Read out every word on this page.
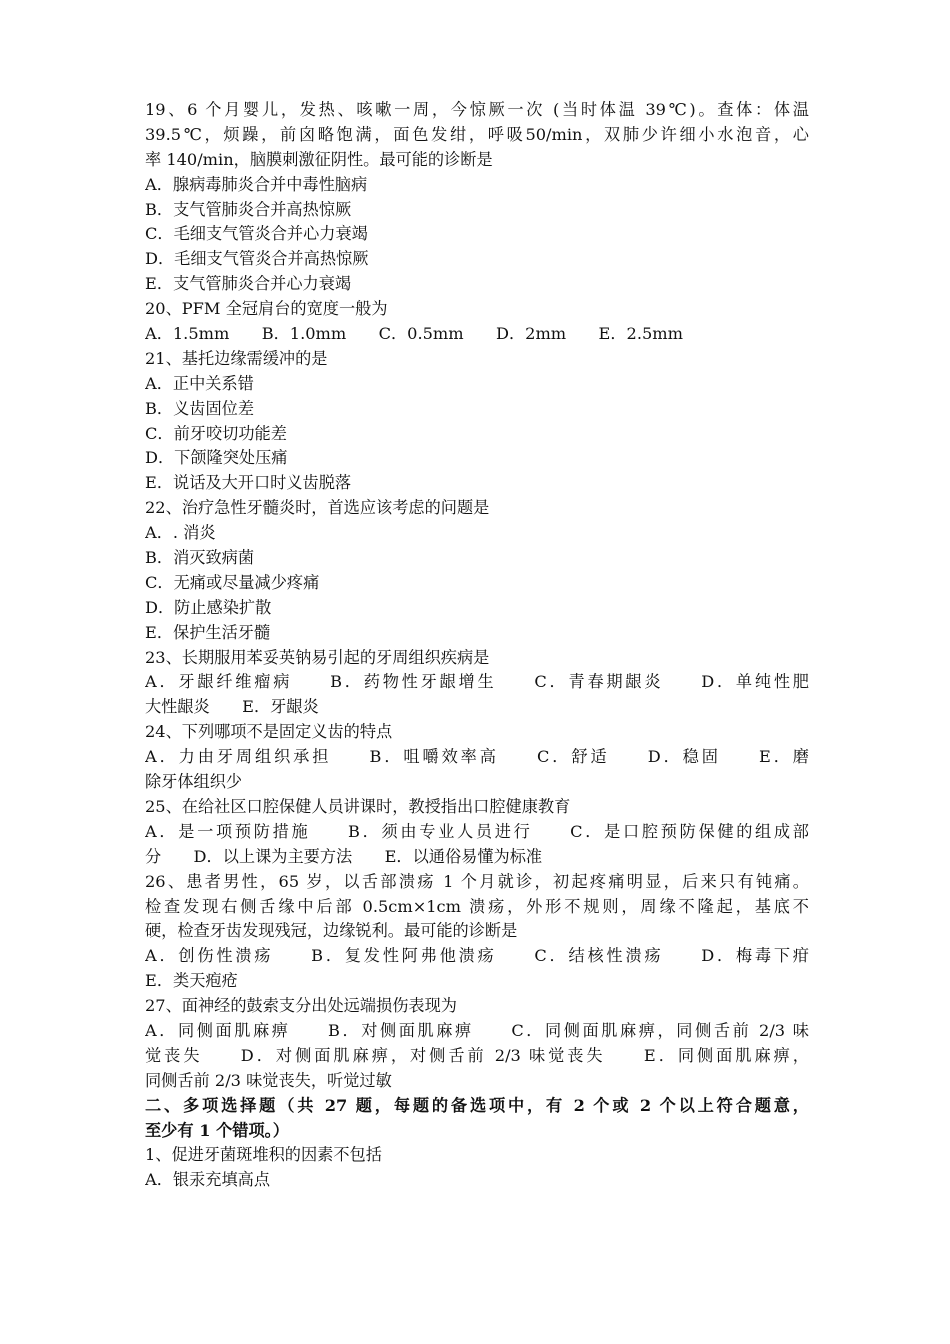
19、6 个月婴儿，发热、咳嗽一周，今惊厥一次 (当时体温 39℃)。查体：体温
39.5℃，烦躁，前囟略饱满，面色发绀，呼吸50/min，双肺少许细小水泡音，心
率 140/min，脑膜刺激征阴性。最可能的诊断是
A．腺病毒肺炎合并中毒性脑病
B．支气管肺炎合并高热惊厥
C．毛细支气管炎合并心力衰竭
D．毛细支气管炎合并高热惊厥
E．支气管肺炎合并心力衰竭
20、PFM 全冠肩台的宽度一般为
A．1.5mm　　B．1.0mm　　C．0.5mm　　D．2mm　　E．2.5mm
21、基托边缘需缓冲的是
A．正中关系错
B．义齿固位差
C．前牙咬切功能差
D．下颌隆突处压痛
E．说话及大开口时义齿脱落
22、治疗急性牙髓炎时，首选应该考虑的问题是
A．. 消炎
B．消灭致病菌
C．无痛或尽量减少疼痛
D．防止感染扩散
E．保护生活牙髓
23、长期服用苯妥英钠易引起的牙周组织疾病是
A．牙龈纤维瘤病　　B．药物性牙龈增生　　C．青春期龈炎　　D．单纯性肥
大性龈炎　　E．牙龈炎
24、下列哪项不是固定义齿的特点
A．力由牙周组织承担　　B．咀嚼效率高　　C．舒适　　D．稳固　　E．磨
除牙体组织少
25、在给社区口腔保健人员讲课时，教授指出口腔健康教育
A．是一项预防措施　　B．须由专业人员进行　　C．是口腔预防保健的组成部
分　　D．以上课为主要方法　　E．以通俗易懂为标准
26、患者男性，65 岁，以舌部溃疡 1 个月就诊，初起疼痛明显，后来只有钝痛。
检查发现右侧舌缘中后部 0.5cm×1cm 溃疡，外形不规则，周缘不隆起，基底不
硬，检查牙齿发现残冠，边缘锐利。最可能的诊断是
A．创伤性溃疡　　B．复发性阿弗他溃疡　　C．结核性溃疡　　D．梅毒下疳
E．类天疱疮
27、面神经的鼓索支分出处远端损伤表现为
A．同侧面肌麻痹　　B．对侧面肌麻痹　　C．同侧面肌麻痹，同侧舌前 2/3 味
觉丧失　　D．对侧面肌麻痹，对侧舌前 2/3 味觉丧失　　E．同侧面肌麻痹，
同侧舌前 2/3 味觉丧失，听觉过敏
二、多项选择题（共 27 题，每题的备选项中，有 2 个或 2 个以上符合题意，
至少有 1 个错项。）
1、促进牙菌斑堆积的因素不包括
A．银汞充填高点
